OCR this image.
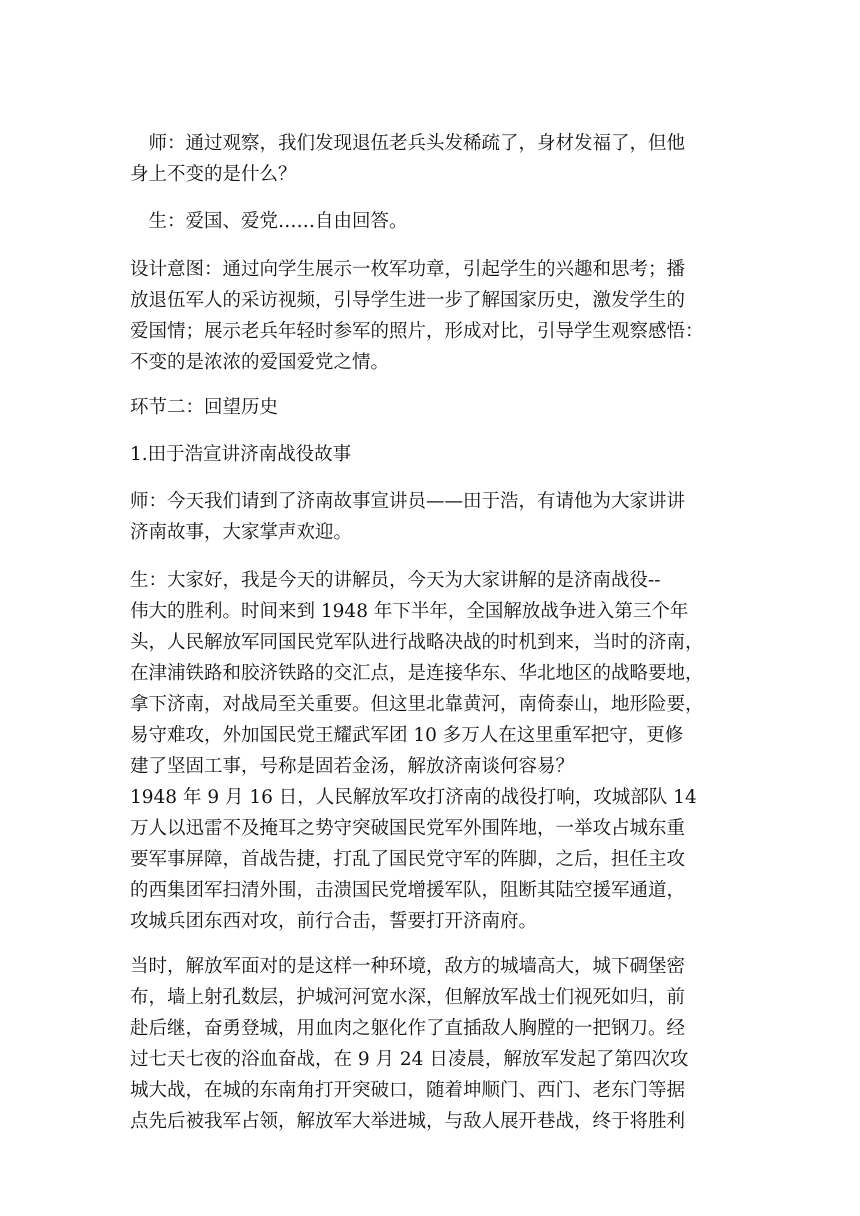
　师：通过观察，我们发现退伍老兵头发稀疏了，身材发福了，但他
身上不变的是什么？

　生：爱国、爱党……自由回答。

设计意图：通过向学生展示一枚军功章，引起学生的兴趣和思考；播
放退伍军人的采访视频，引导学生进一步了解国家历史，激发学生的
爱国情；展示老兵年轻时参军的照片，形成对比，引导学生观察感悟：
不变的是浓浓的爱国爱党之情。

环节二：回望历史

1.田于浩宣讲济南战役故事

师：今天我们请到了济南故事宣讲员——田于浩，有请他为大家讲讲
济南故事，大家掌声欢迎。

生：大家好，我是今天的讲解员，今天为大家讲解的是济南战役--
伟大的胜利。时间来到 1948 年下半年，全国解放战争进入第三个年
头，人民解放军同国民党军队进行战略决战的时机到来，当时的济南，
在津浦铁路和胶济铁路的交汇点，是连接华东、华北地区的战略要地，
拿下济南，对战局至关重要。但这里北靠黄河，南倚泰山，地形险要，
易守难攻，外加国民党王耀武军团 10 多万人在这里重军把守，更修
建了坚固工事，号称是固若金汤，解放济南谈何容易？

1948 年 9 月 16 日，人民解放军攻打济南的战役打响，攻城部队 14
万人以迅雷不及掩耳之势守突破国民党军外围阵地，一举攻占城东重
要军事屏障，首战告捷，打乱了国民党守军的阵脚，之后，担任主攻
的西集团军扫清外围，击溃国民党增援军队，阻断其陆空援军通道，
攻城兵团东西对攻，前行合击，誓要打开济南府。

当时，解放军面对的是这样一种环境，敌方的城墙高大，城下碉堡密
布，墙上射孔数层，护城河河宽水深，但解放军战士们视死如归，前
赴后继，奋勇登城，用血肉之躯化作了直插敌人胸膛的一把钢刀。经
过七天七夜的浴血奋战，在 9 月 24 日凌晨，解放军发起了第四次攻
城大战，在城的东南角打开突破口，随着坤顺门、西门、老东门等据
点先后被我军占领，解放军大举进城，与敌人展开巷战，终于将胜利
